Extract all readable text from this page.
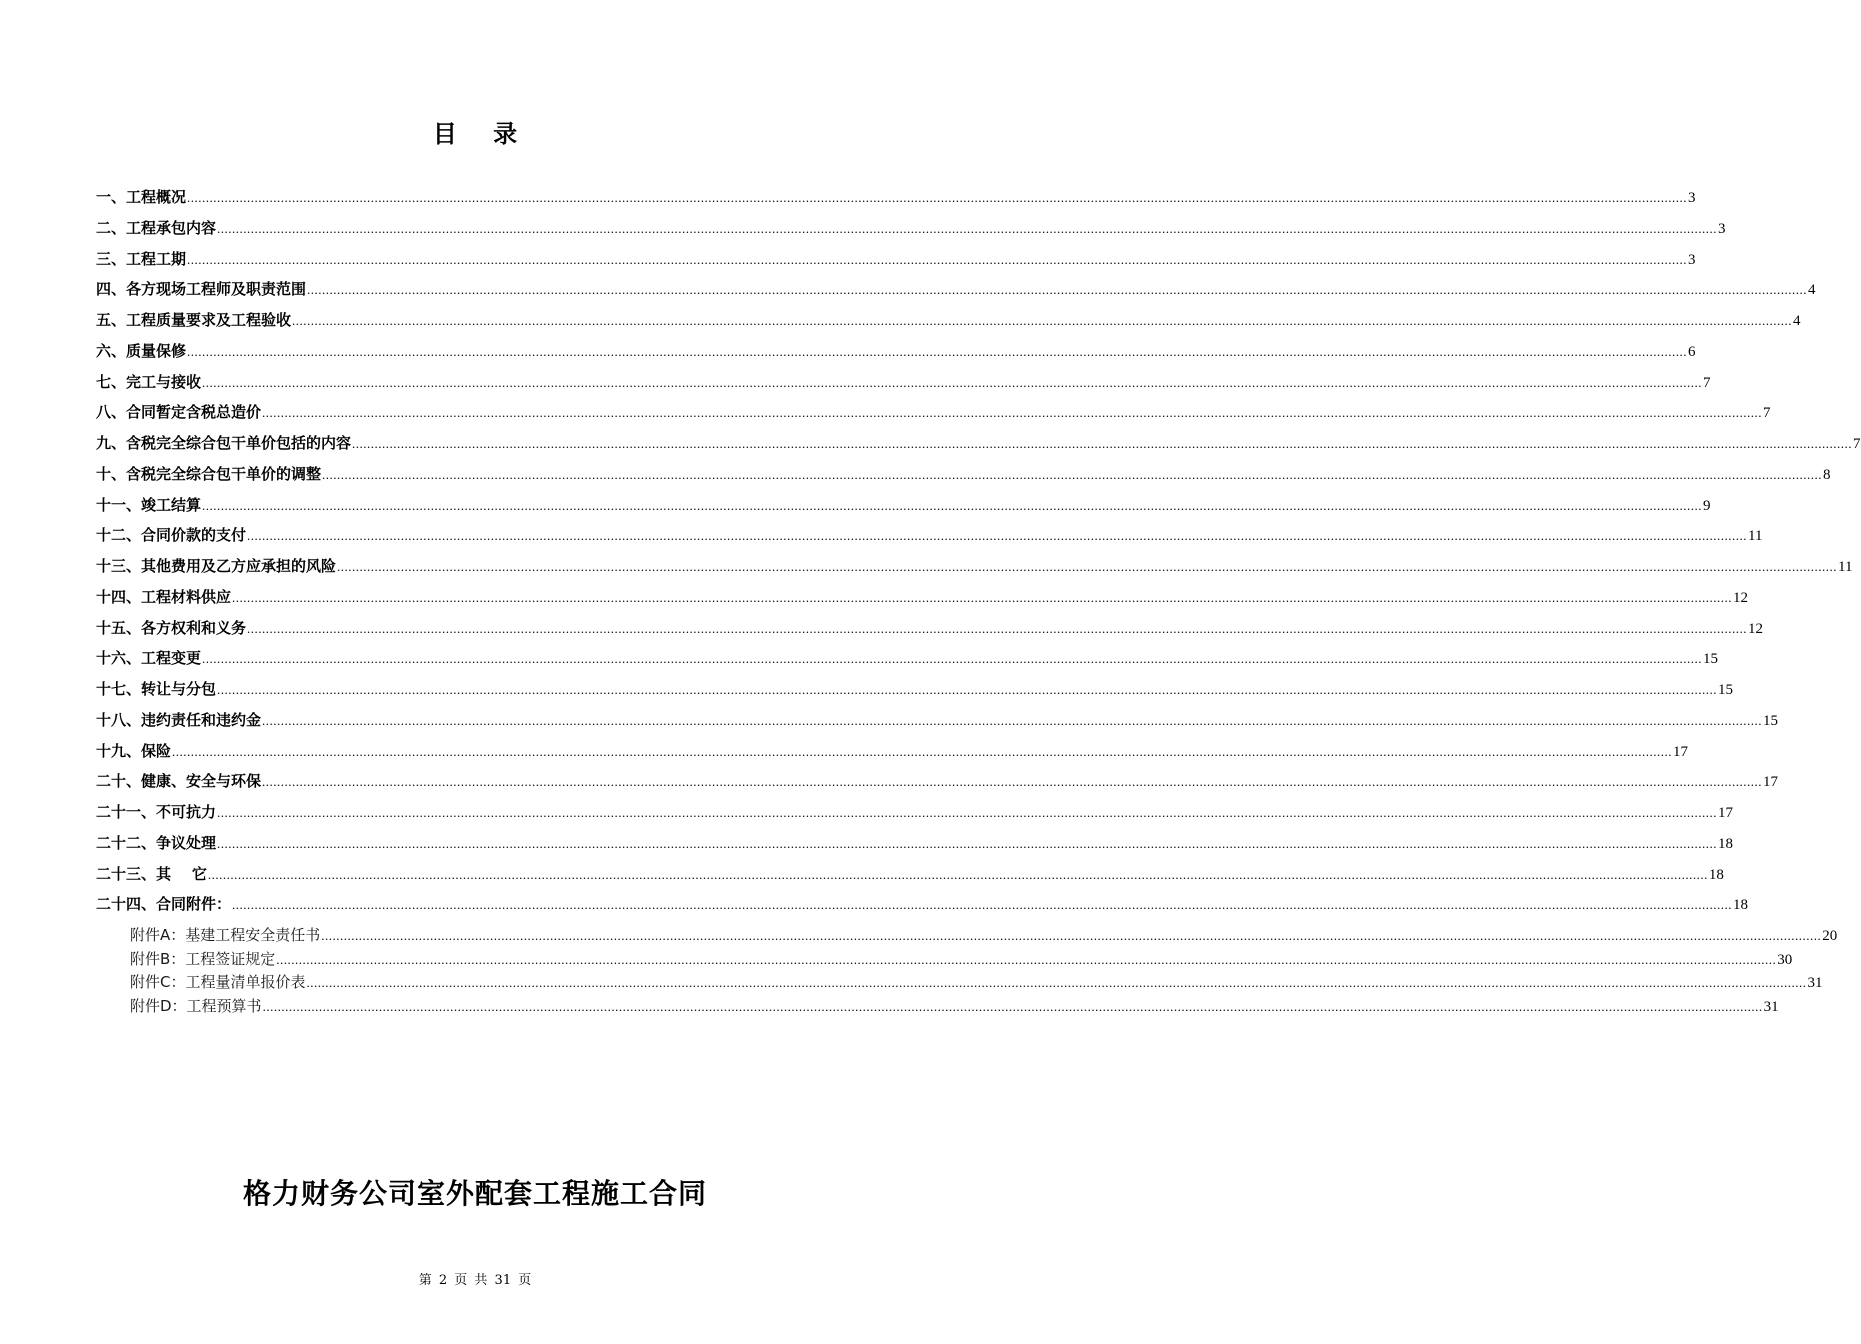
目 录
一、工程概况 ................................................................................................................................................................................................................................................................................................................................................................................................................ 3
二、工程承包内容 ................................................................................................................................................................................................................................................................................................................................................................................................................ 3
三、工程工期 ................................................................................................................................................................................................................................................................................................................................................................................................................ 3
四、各方现场工程师及职责范围 ................................................................................................................................................................................................................................................................................................................................................................................................................ 4
五、工程质量要求及工程验收 ................................................................................................................................................................................................................................................................................................................................................................................................................ 4
六、质量保修 ................................................................................................................................................................................................................................................................................................................................................................................................................ 6
七、完工与接收 ................................................................................................................................................................................................................................................................................................................................................................................................................ 7
八、合同暂定含税总造价 ................................................................................................................................................................................................................................................................................................................................................................................................................ 7
九、含税完全综合包干单价包括的内容 ................................................................................................................................................................................................................................................................................................................................................................................................................ 7
十、含税完全综合包干单价的调整 ................................................................................................................................................................................................................................................................................................................................................................................................................ 8
十一、竣工结算 ................................................................................................................................................................................................................................................................................................................................................................................................................ 9
十二、合同价款的支付 ................................................................................................................................................................................................................................................................................................................................................................................................................ 11
十三、其他费用及乙方应承担的风险 ................................................................................................................................................................................................................................................................................................................................................................................................................ 11
十四、工程材料供应 ................................................................................................................................................................................................................................................................................................................................................................................................................ 12
十五、各方权利和义务 ................................................................................................................................................................................................................................................................................................................................................................................................................ 12
十六、工程变更 ................................................................................................................................................................................................................................................................................................................................................................................................................ 15
十七、转让与分包 ................................................................................................................................................................................................................................................................................................................................................................................................................ 15
十八、违约责任和违约金 ................................................................................................................................................................................................................................................................................................................................................................................................................ 15
十九、保险 ................................................................................................................................................................................................................................................................................................................................................................................................................ 17
二十、健康、安全与环保 ................................................................................................................................................................................................................................................................................................................................................................................................................ 17
二十一、不可抗力 ................................................................................................................................................................................................................................................................................................................................................................................................................ 17
二十二、争议处理 ................................................................................................................................................................................................................................................................................................................................................................................................................ 18
二十三、其    它 ................................................................................................................................................................................................................................................................................................................................................................................................................ 18
二十四、合同附件： ................................................................................................................................................................................................................................................................................................................................................................................................................ 18
附件A：基建工程安全责任书 ................................................................................................................................................................................................................................................................................................................................................................................................................ 20
附件B：工程签证规定 ................................................................................................................................................................................................................................................................................................................................................................................................................ 30
附件C：工程量清单报价表 ................................................................................................................................................................................................................................................................................................................................................................................................................ 31
附件D：工程预算书 ................................................................................................................................................................................................................................................................................................................................................................................................................ 31
格力财务公司室外配套工程施工合同
第 2 页 共 31 页
